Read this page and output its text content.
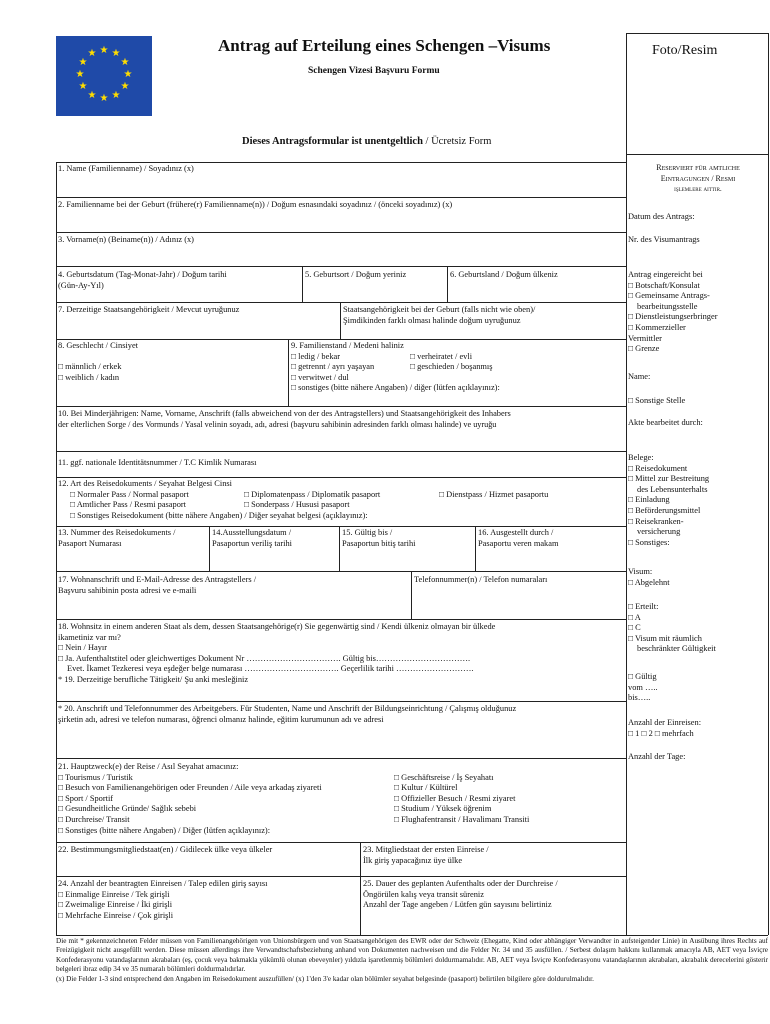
★ ★
★
★
★
★
★
★
★
★
★
★	Antrag auf Erteilung eines Schengen –Visums
Schengen Vizesi Başvuru Formu
Dieses Antragsformular ist unentgeltlich / Ücretsiz Form
Foto/Resim
1. Name (Familienname) / Soyadınız (x)
2. Familienname bei der Geburt (frühere(r) Familienname(n)) / Doğum esnasındaki soyadınız / (önceki soyadınız) (x)
3. Vorname(n) (Beiname(n)) / Adınız (x)
4. Geburtsdatum (Tag-Monat-Jahr) / Doğum tarihi
(Gün-Ay-Yıl)
5. Geburtsort / Doğum yeriniz	6. Geburtsland / Doğum ülkeniz
7. Derzeitige Staatsangehörigkeit / Mevcut uyruğunuz	Staatsangehörigkeit bei der Geburt (falls nicht wie oben)/
Şimdikinden farklı olması halinde doğum uyruğunuz
8. Geschlecht / Cinsiyet
□ männlich / erkek
□ weiblich / kadın
9. Familienstand / Medeni haliniz
□ ledig / bekar
□ getrennt / ayrı yaşayan
□ verwitwet / dul
□ sonstiges (bitte nähere Angaben) / diğer (lütfen açıklayınız):
□ verheiratet / evli
□ geschieden / boşanmış
10. Bei Minderjährigen: Name, Vorname, Anschrift (falls abweichend von der des Antragstellers) und Staatsangehörigkeit des Inhabers
der elterlichen Sorge / des Vormunds / Yasal velinin soyadı, adı, adresi (başvuru sahibinin adresinden farklı olması halinde) ve uyruğu
11. ggf. nationale Identitätsnummer / T.C Kimlik Numarası
12. Art des Reisedokuments / Seyahat Belgesi Cinsi
□ Normaler Pass / Normal pasaport	□ Diplomatenpass / Diplomatik pasaport	□ Dienstpass / Hizmet pasaportu
□ Amtlicher Pass / Resmi pasaport	□ Sonderpass / Hususi pasaport
□ Sonstiges Reisedokument (bitte nähere Angaben) / Diğer seyahat belgesi (açıklayınız):
13. Nummer des Reisedokuments /
Pasaport Numarası
14.Ausstellungsdatum /
Pasaportun veriliş tarihi
15. Gültig bis /
Pasaportun bitiş tarihi
16. Ausgestellt durch /
Pasaportu veren makam
17. Wohnanschrift und E-Mail-Adresse des Antragstellers /
Başvuru sahibinin posta adresi ve e-maili
Telefonnummer(n) / Telefon numaraları
18. Wohnsitz in einem anderen Staat als dem, dessen Staatsangehörige(r) Sie gegenwärtig sind / Kendi ülkeniz olmayan bir ülkede
ikametiniz var mı?
□ Nein / Hayır
□ Ja. Aufenthaltstitel oder gleichwertiges Dokument Nr ……………………………. Gültig bis…………………………….
Evet. İkamet Tezkeresi veya eşdeğer belge numarası ……………………………. Geçerlilik tarihi ……………………….
* 19. Derzeitige berufliche Tätigkeit/ Şu anki mesleğiniz
* 20. Anschrift und Telefonnummer des Arbeitgebers. Für Studenten, Name und Anschrift der Bildungseinrichtung / Çalışmış olduğunuz
şirketin adı, adresi ve telefon numarası, öğrenci olmanız halinde, eğitim kurumunun adı ve adresi
21. Hauptzweck(e) der Reise / Asıl Seyahat amacınız:
□ Tourismus / Turistik
□ Besuch von Familienangehörigen oder Freunden / Aile veya arkadaş ziyareti
□ Sport / Sportif
□ Gesundheitliche Gründe/ Sağlık sebebi
□ Durchreise/ Transit
□ Sonstiges (bitte nähere Angaben) / Diğer (lütfen açıklayınız):
□ Geschäftsreise / İş Seyahatı
□ Kultur / Kültürel
□ Offizieller Besuch / Resmi ziyaret
□ Studium / Yüksek öğrenim
□ Flughafentransit / Havalimanı Transiti
22. Bestimmungsmitgliedstaat(en) / Gidilecek ülke veya ülkeler	23. Mitgliedstaat der ersten Einreise /
İlk giriş yapacağınız üye ülke
24. Anzahl der beantragten Einreisen / Talep edilen giriş sayısı
□ Einmalige Einreise / Tek girişli
□ Zweimalige Einreise / İki girişli
□ Mehrfache Einreise / Çok girişli
25. Dauer des geplanten Aufenthalts oder der Durchreise /
Öngörülen kalış veya transit süreniz
Anzahl der Tage angeben / Lütfen gün sayısını belirtiniz
Reserviert für amtliche
Eintragungen / Resmi
işlemlere aittir.
Datum des Antrags:
Nr. des Visumantrags
Antrag eingereicht bei
□ Botschaft/Konsulat
□ Gemeinsame Antrags-
bearbeitungsstelle
□ Dienstleistungserbringer
□ Kommerzieller
Vermittler
□ Grenze
Name:
□ Sonstige Stelle
Akte bearbeitet durch:
Belege:
□ Reisedokument
□ Mittel zur Bestreitung
des Lebensunterhalts
□ Einladung
□ Beförderungsmittel
□ Reisekranken-
versicherung
□ Sonstiges:
Visum:
□ Abgelehnt
□ Erteilt:
□ A
□ C
□ Visum mit räumlich
beschränkter Gültigkeit
□ Gültig
vom …..
bis…..
Anzahl der Einreisen:
□ 1 □ 2 □ mehrfach
Anzahl der Tage:
Die mit * gekennzeichneten Felder müssen von Familienangehörigen von Unionsbürgern und von Staatsangehörigen des EWR oder der Schweiz (Ehegatte, Kind oder abhängiger Verwandter in aufsteigender Linie) in Ausübung ihres Rechts auf Freizügigkeit nicht ausgefüllt werden. Diese müssen allerdings ihre Verwandtschaftsbeziehung anhand von Dokumenten nachweisen und die Felder Nr. 34 und 35 ausfüllen. / Serbest dolaşım hakkını kullanmak amacıyla AB, AET veya İsviçre Konfederasyonu vatandaşlarının akrabaları (eş, çocuk veya bakmakla yükümlü olunan ebeveynler) yıldızla işaretlenmiş bölümleri doldurmamalıdır. AB, AET veya İsviçre Konfederasyonu vatandaşlarının akrabaları, akrabalık derecelerini gösterir belgeleri ibraz edip 34 ve 35 numaralı bölümleri doldurmalıdırlar.
(x) Die Felder 1-3 sind entsprechend den Angaben im Reisedokument auszufüllen/ (x) 1'den 3'e kadar olan bölümler seyahat belgesinde (pasaport) belirtilen bilgilere göre doldurulmalıdır.
